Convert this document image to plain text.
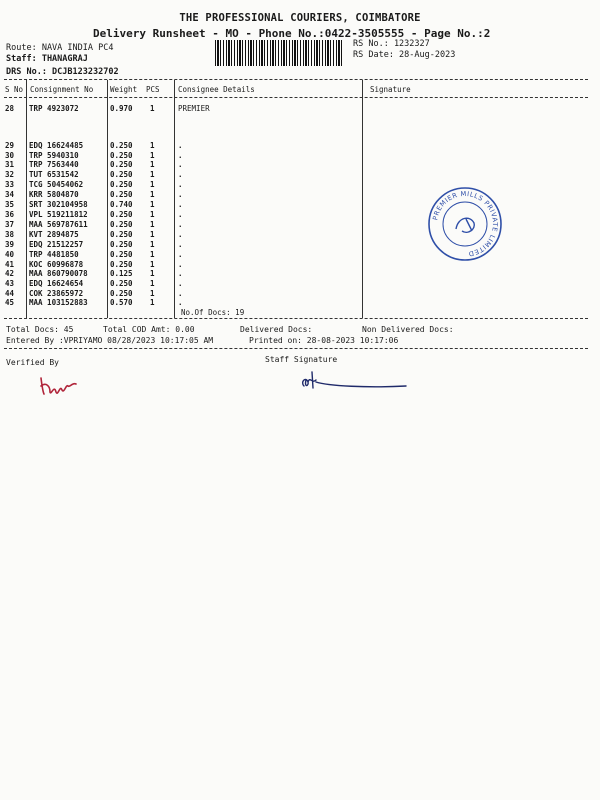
THE PROFESSIONAL COURIERS, COIMBATORE
Delivery Runsheet - MO - Phone No.:0422-3505555 - Page No.:2
Route: NAVA INDIA PC4
Staff: THANAGRAJ
DRS No.: DCJB123232702
RS No.: 1232327
RS Date: 28-Aug-2023
S No Consignment No Weight PCS Consignee Details	Signature
28 TRP 4923072	0.970 1	PREMIER
29 EDQ 16624485	0.250 1	.
30 TRP 5940310	0.250 1	.
31 TRP 7563440	0.250 1	.
32 TUT 6531542	0.250 1	.
33 TCG 50454062	0.250 1	.
34 KRR 5804870	0.250 1	.
35 SRT 302104958	0.740 1	.
36 VPL 519211812	0.250 1	.
37 MAA 569787611	0.250 1	.
38 KVT 2894875	0.250 1	.
39 EDQ 21512257	0.250 1	.
40 TRP 4481850	0.250 1	.
41 KOC 60996878	0.250 1	.
42 MAA 860790078	0.125 1	.
43 EDQ 16624654	0.250 1	.
44 COK 23865972	0.250 1	.
45 MAA 103152883	0.570 1	.
No.Of Docs: 19
Total Docs: 45	Total COD Amt: 0.00	Delivered Docs:	Non Delivered Docs:
Entered By :VPRIYAMO 08/28/2023 10:17:05 AM	Printed on: 28-08-2023 10:17:06
Verified By	Staff Signature
PREMIER MILLS PRIVATE LIMITED
